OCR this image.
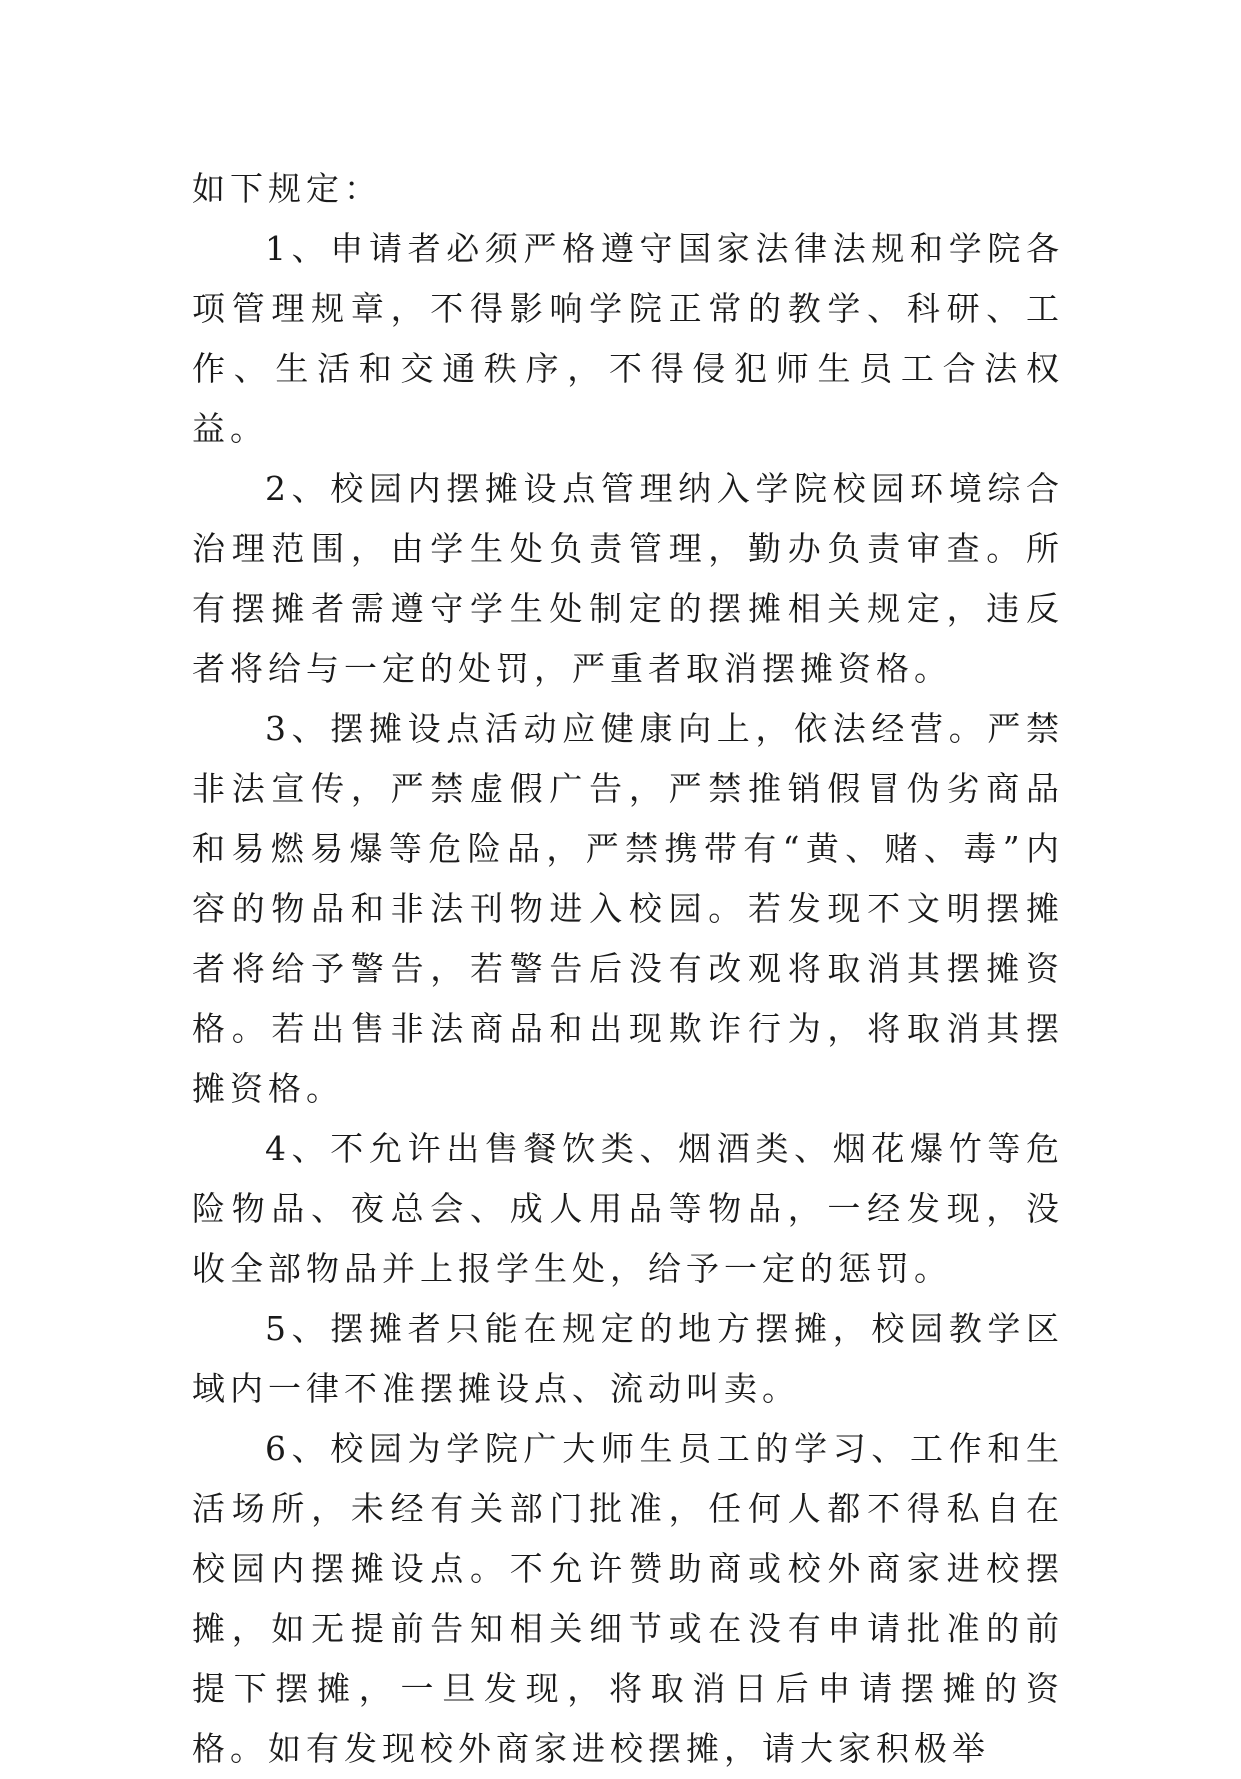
如下规定：

1、申请者必须严格遵守国家法律法规和学院各项管理规章，不得影响学院正常的教学、科研、工作、生活和交通秩序，不得侵犯师生员工合法权益。

2、校园内摆摊设点管理纳入学院校园环境综合治理范围，由学生处负责管理，勤办负责审查。所有摆摊者需遵守学生处制定的摆摊相关规定，违反者将给与一定的处罚，严重者取消摆摊资格。

3、摆摊设点活动应健康向上，依法经营。严禁非法宣传，严禁虚假广告，严禁推销假冒伪劣商品和易燃易爆等危险品，严禁携带有“黄、赌、毒”内容的物品和非法刊物进入校园。若发现不文明摆摊者将给予警告，若警告后没有改观将取消其摆摊资格。若出售非法商品和出现欺诈行为，将取消其摆摊资格。

4、不允许出售餐饮类、烟酒类、烟花爆竹等危险物品、夜总会、成人用品等物品，一经发现，没收全部物品并上报学生处，给予一定的惩罚。

5、摆摊者只能在规定的地方摆摊，校园教学区域内一律不准摆摊设点、流动叫卖。

6、校园为学院广大师生员工的学习、工作和生活场所，未经有关部门批准，任何人都不得私自在校园内摆摊设点。不允许赞助商或校外商家进校摆摊，如无提前告知相关细节或在没有申请批准的前提下摆摊，一旦发现，将取消日后申请摆摊的资格。如有发现校外商家进校摆摊，请大家积极举
